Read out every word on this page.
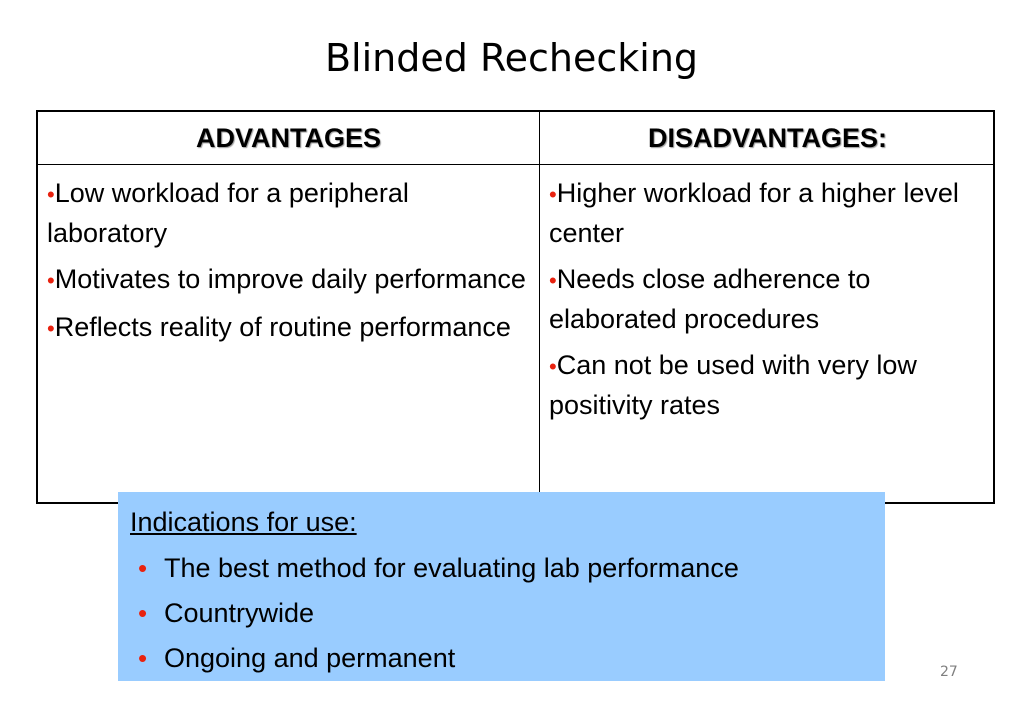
Blinded Rechecking
ADVANTAGES	DISADVANTAGES:
•Low workload for a peripheral laboratory
•Motivates to improve daily performance
•Reflects reality of routine performance
•Higher workload for a higher level center
•Needs close adherence to elaborated procedures
•Can not be used with very low positivity rates
Indications for use:
• The best method for evaluating lab performance
• Countrywide
• Ongoing and permanent	27
